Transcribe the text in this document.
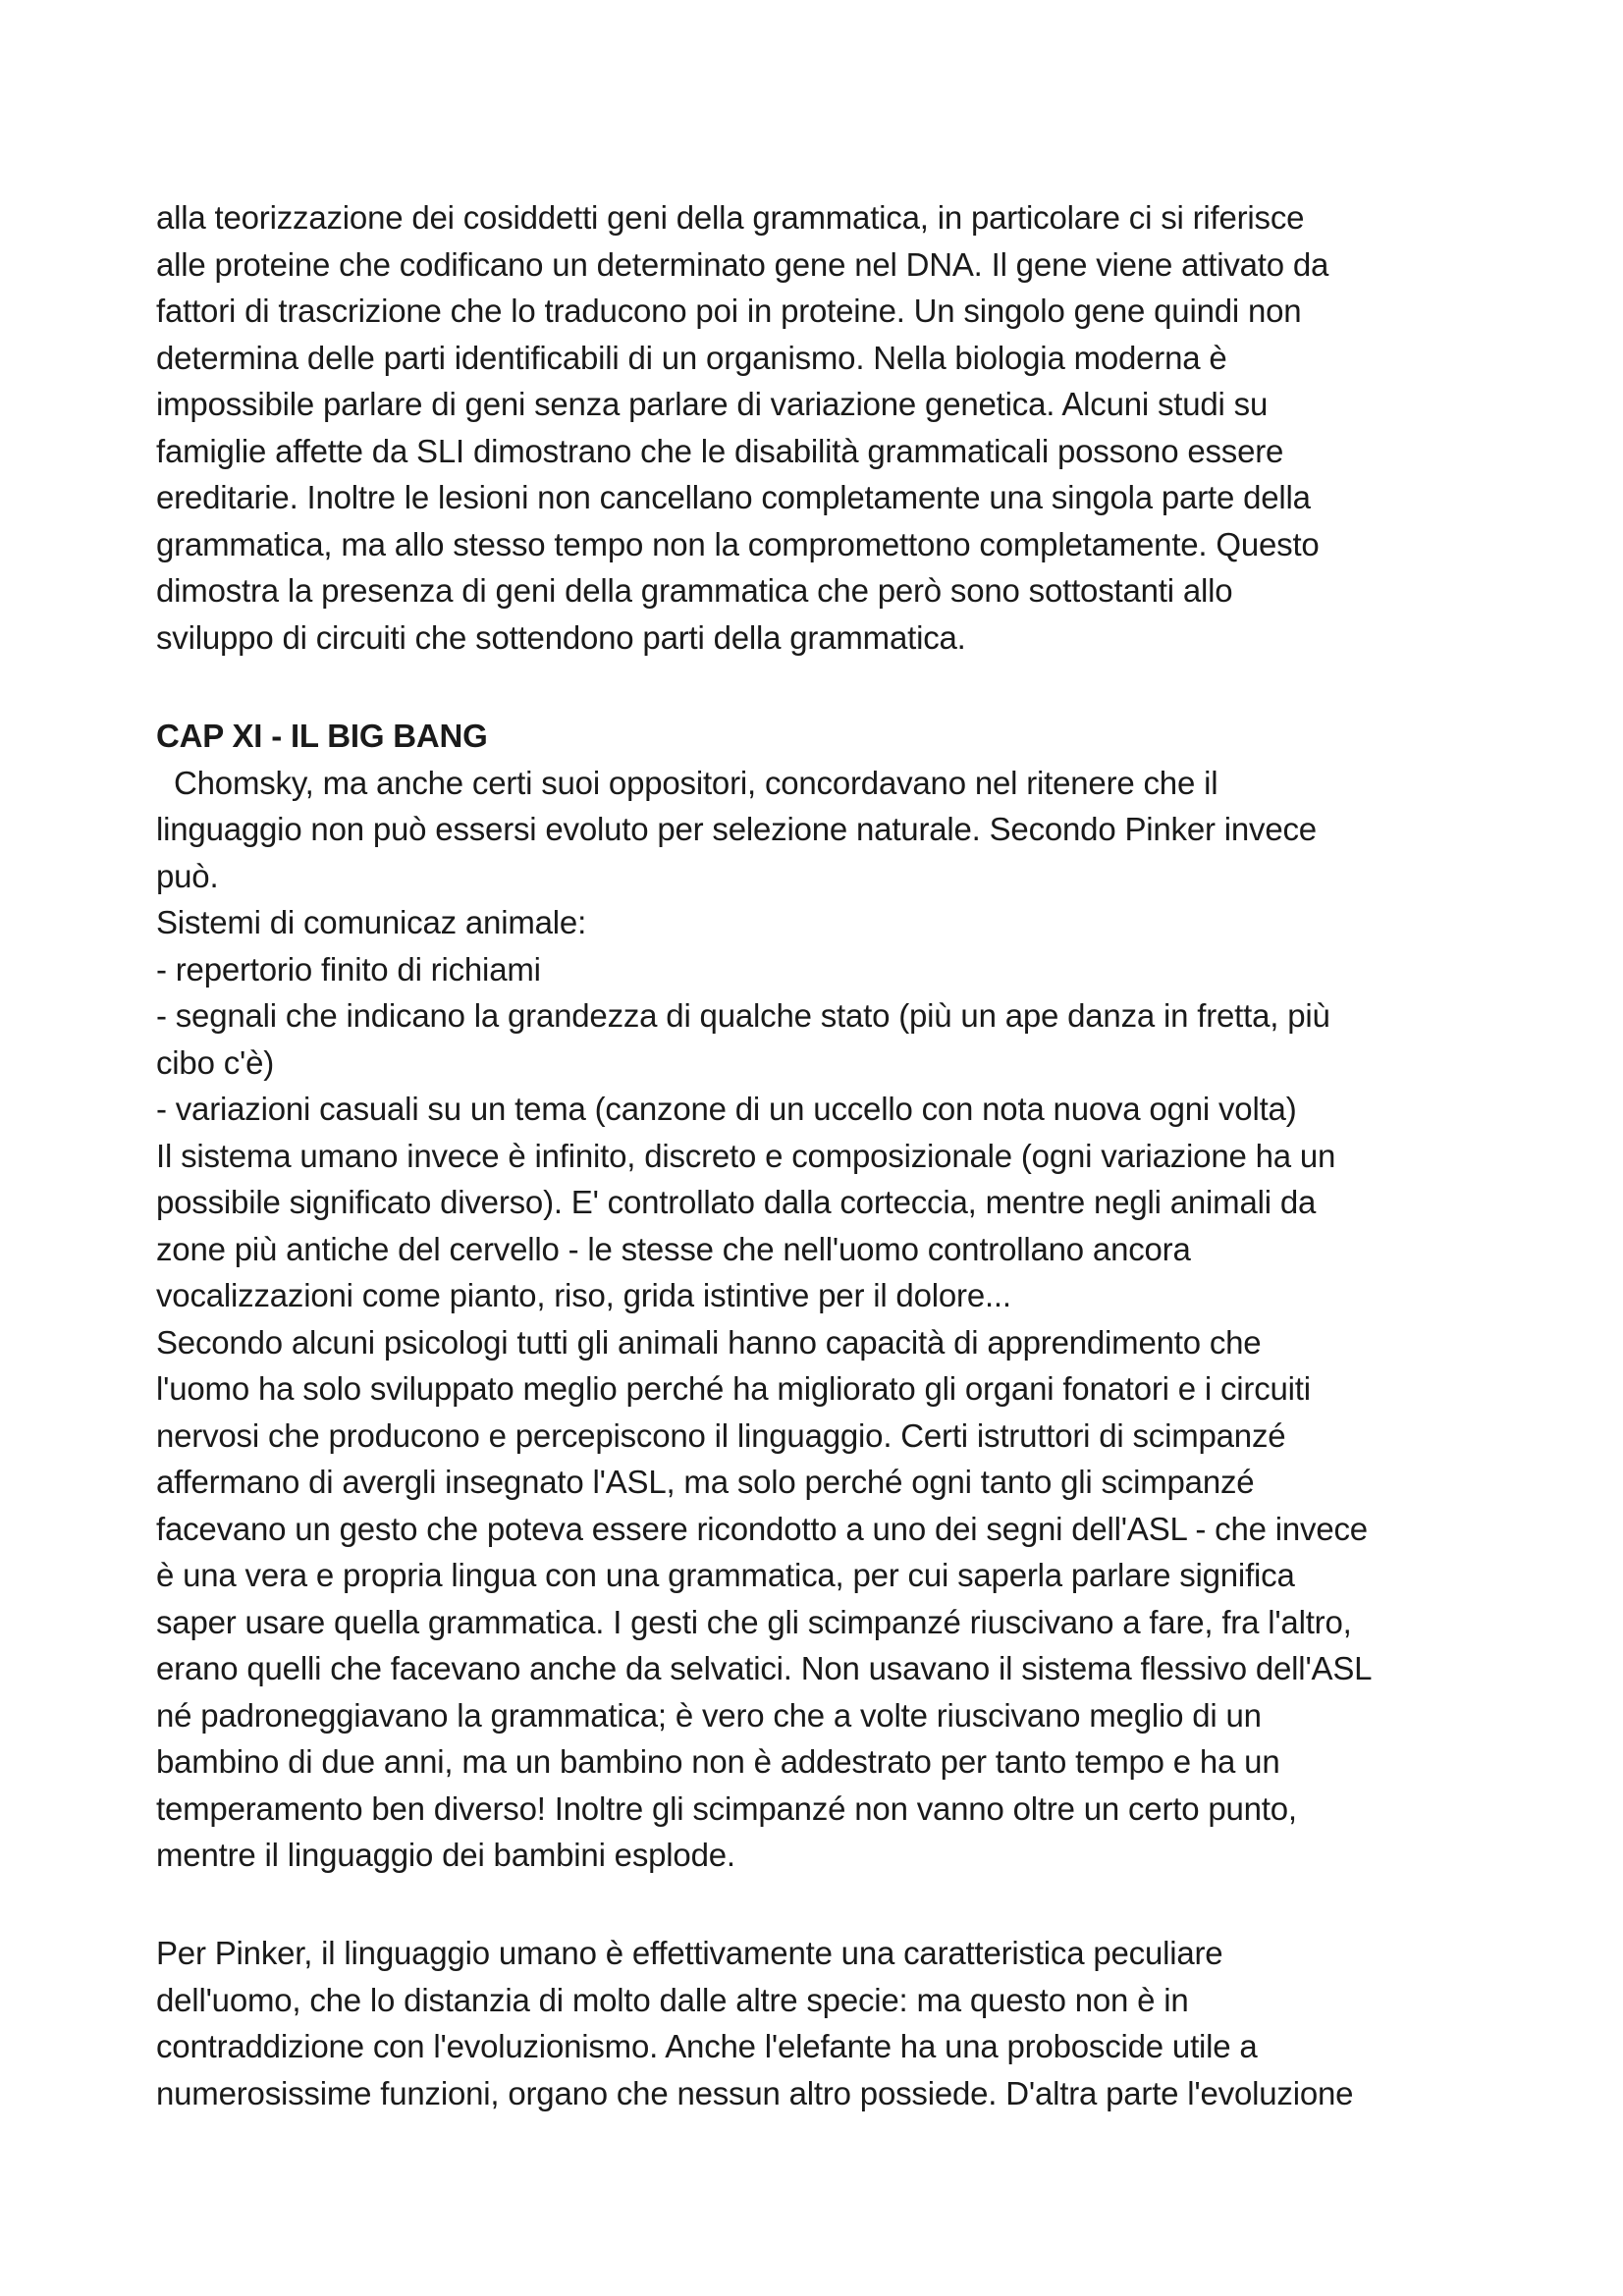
alla teorizzazione dei cosiddetti geni della grammatica, in particolare ci si riferisce
alle proteine che codificano un determinato gene nel DNA. Il gene viene attivato da
fattori di trascrizione che lo traducono poi in proteine. Un singolo gene quindi non
determina delle parti identificabili di un organismo. Nella biologia moderna è
impossibile parlare di geni senza parlare di variazione genetica. Alcuni studi su
famiglie affette da SLI dimostrano che le disabilità grammaticali possono essere
ereditarie. Inoltre le lesioni non cancellano completamente una singola parte della
grammatica, ma allo stesso tempo non la compromettono completamente. Questo
dimostra la presenza di geni della grammatica che però sono sottostanti allo
sviluppo di circuiti che sottendono parti della grammatica.
CAP XI - IL BIG BANG
Chomsky, ma anche certi suoi oppositori, concordavano nel ritenere che il
linguaggio non può essersi evoluto per selezione naturale. Secondo Pinker invece
può.
Sistemi di comunicaz animale:
- repertorio finito di richiami
- segnali che indicano la grandezza di qualche stato (più un ape danza in fretta, più
cibo c'è)
- variazioni casuali su un tema (canzone di un uccello con nota nuova ogni volta)
Il sistema umano invece è infinito, discreto e composizionale (ogni variazione ha un
possibile significato diverso). E' controllato dalla corteccia, mentre negli animali da
zone più antiche del cervello - le stesse che nell'uomo controllano ancora
vocalizzazioni come pianto, riso, grida istintive per il dolore...
Secondo alcuni psicologi tutti gli animali hanno capacità di apprendimento che
l'uomo ha solo sviluppato meglio perché ha migliorato gli organi fonatori e i circuiti
nervosi che producono e percepiscono il linguaggio. Certi istruttori di scimpanzé
affermano di avergli insegnato l'ASL, ma solo perché ogni tanto gli scimpanzé
facevano un gesto che poteva essere ricondotto a uno dei segni dell'ASL - che invece
è una vera e propria lingua con una grammatica, per cui saperla parlare significa
saper usare quella grammatica. I gesti che gli scimpanzé riuscivano a fare, fra l'altro,
erano quelli che facevano anche da selvatici. Non usavano il sistema flessivo dell'ASL
né padroneggiavano la grammatica; è vero che a volte riuscivano meglio di un
bambino di due anni, ma un bambino non è addestrato per tanto tempo e ha un
temperamento ben diverso! Inoltre gli scimpanzé non vanno oltre un certo punto,
mentre il linguaggio dei bambini esplode.
Per Pinker, il linguaggio umano è effettivamente una caratteristica peculiare
dell'uomo, che lo distanzia di molto dalle altre specie: ma questo non è in
contraddizione con l'evoluzionismo. Anche l'elefante ha una proboscide utile a
numerosissime funzioni, organo che nessun altro possiede. D'altra parte l'evoluzione
